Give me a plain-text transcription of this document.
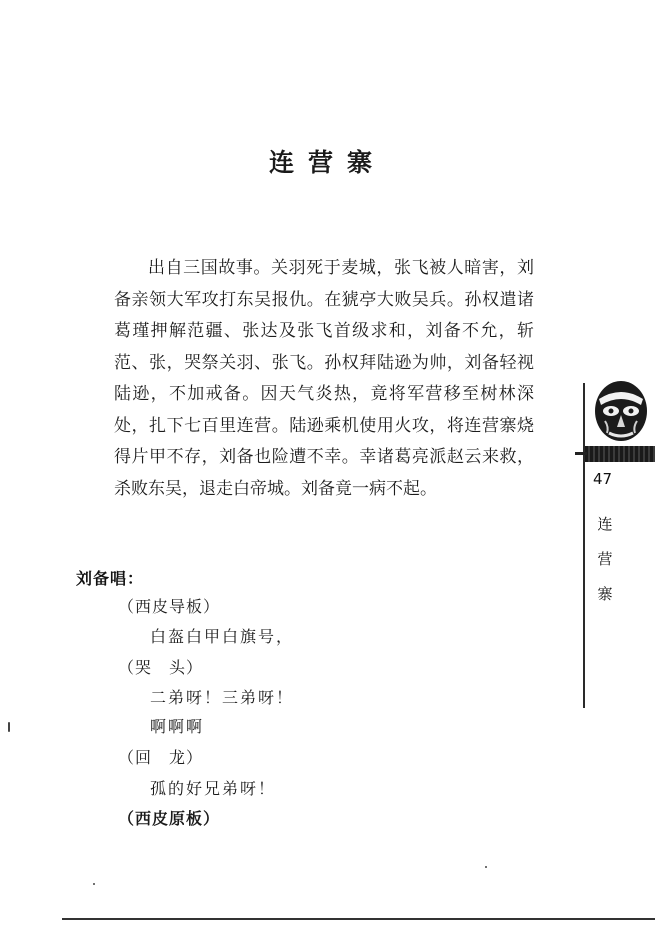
连营寨

出自三国故事。关羽死于麦城，张飞被人暗害，刘备亲领大军攻打东吴报仇。在猇亭大败吴兵。孙权遣诸葛瑾押解范疆、张达及张飞首级求和，刘备不允，斩范、张，哭祭关羽、张飞。孙权拜陆逊为帅，刘备轻视陆逊，不加戒备。因天气炎热，竟将军营移至树林深处，扎下七百里连营。陆逊乘机使用火攻，将连营寨烧得片甲不存，刘备也险遭不幸。幸诸葛亮派赵云来救，杀败东吴，退走白帝城。刘备竟一病不起。

刘备唱：
（西皮导板）
白盔白甲白旗号，
（哭　头）
二弟呀！三弟呀！
啊啊啊
（回　龙）
孤的好兄弟呀！
（西皮原板）
47
连
营
寨
